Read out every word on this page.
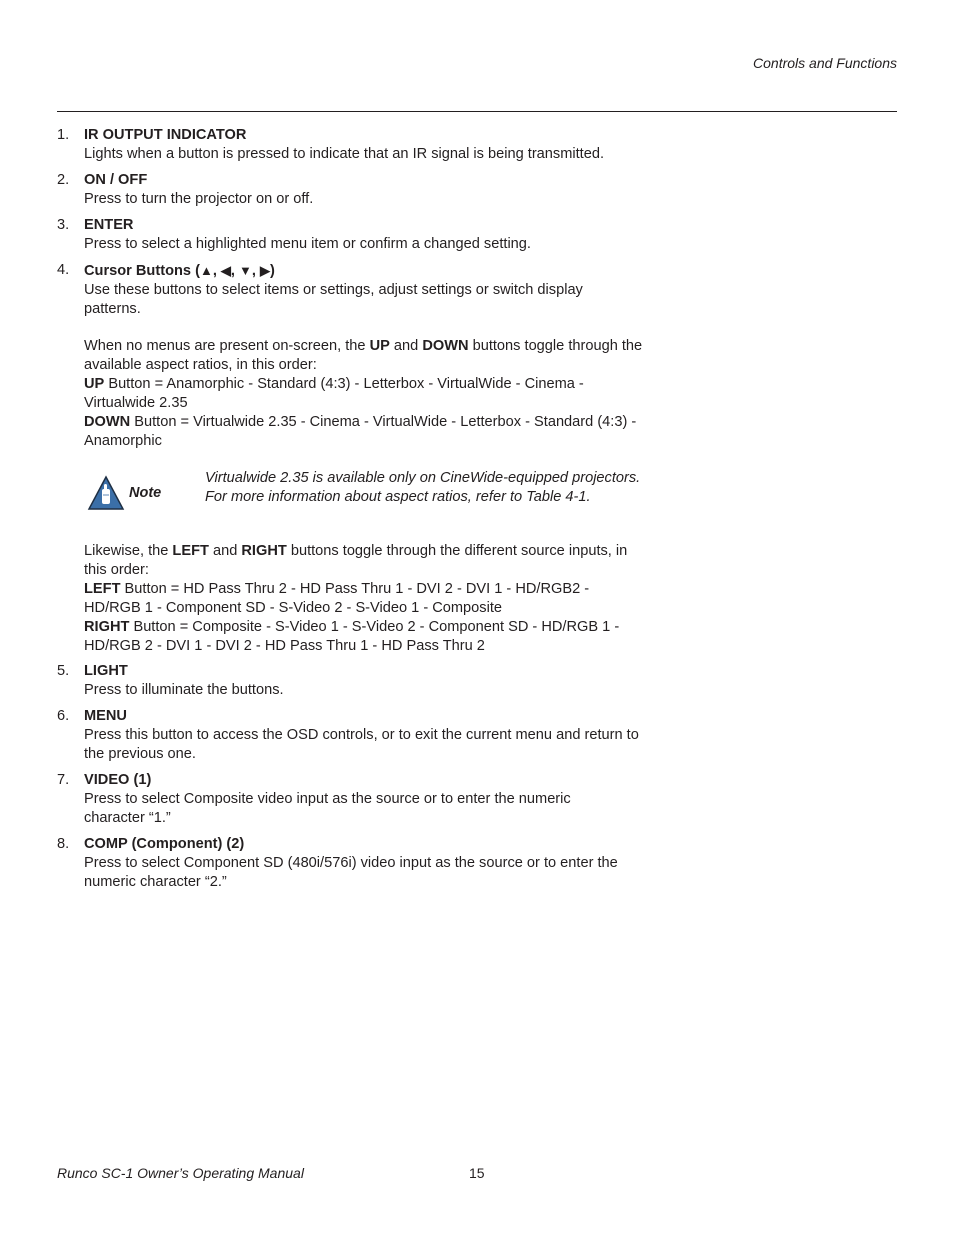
Controls and Functions
1. IR OUTPUT INDICATOR
Lights when a button is pressed to indicate that an IR signal is being transmitted.
2. ON / OFF
Press to turn the projector on or off.
3. ENTER
Press to select a highlighted menu item or confirm a changed setting.
4. Cursor Buttons (▲, ◀, ▼, ▶)
Use these buttons to select items or settings, adjust settings or switch display patterns.
When no menus are present on-screen, the UP and DOWN buttons toggle through the available aspect ratios, in this order:
UP Button = Anamorphic - Standard (4:3) - Letterbox - VirtualWide - Cinema - Virtualwide 2.35
DOWN Button = Virtualwide 2.35 - Cinema - VirtualWide - Letterbox - Standard (4:3) - Anamorphic
Note
Virtualwide 2.35 is available only on CineWide-equipped projectors.
For more information about aspect ratios, refer to Table 4-1.
Likewise, the LEFT and RIGHT buttons toggle through the different source inputs, in this order:
LEFT Button = HD Pass Thru 2 - HD Pass Thru 1 - DVI 2 - DVI 1 - HD/RGB2 - HD/RGB 1 - Component SD - S-Video 2 - S-Video 1 - Composite
RIGHT Button = Composite - S-Video 1 - S-Video 2 - Component SD - HD/RGB 1 - HD/RGB 2 - DVI 1 - DVI 2 - HD Pass Thru 1 - HD Pass Thru 2
5. LIGHT
Press to illuminate the buttons.
6. MENU
Press this button to access the OSD controls, or to exit the current menu and return to the previous one.
7. VIDEO (1)
Press to select Composite video input as the source or to enter the numeric character “1.”
8. COMP (Component) (2)
Press to select Component SD (480i/576i) video input as the source or to enter the numeric character “2.”
Runco SC-1 Owner’s Operating Manual	15
